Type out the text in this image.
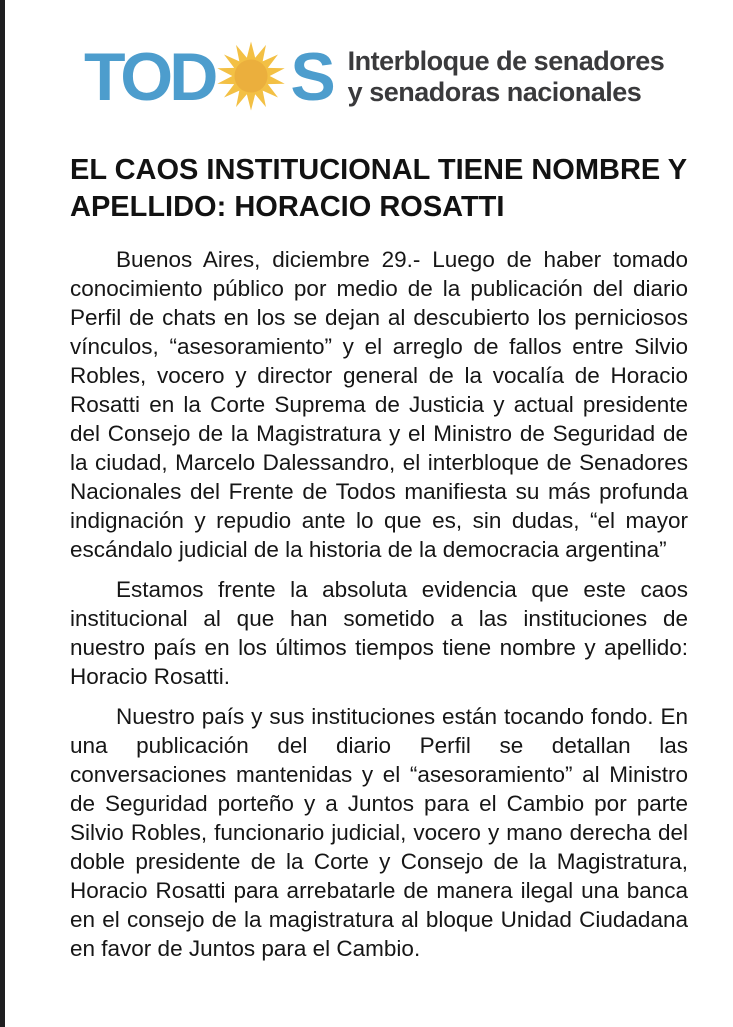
TOD S Interbloque de senadores
y senadoras nacionales
EL CAOS INSTITUCIONAL TIENE NOMBRE Y APELLIDO: HORACIO ROSATTI

Buenos Aires, diciembre 29.- Luego de haber tomado conocimiento público por medio de la publicación del diario Perfil de chats en los se dejan al descubierto los perniciosos vínculos, “asesoramiento” y el arreglo de fallos entre Silvio Robles, vocero y director general de la vocalía de Horacio Rosatti en la Corte Suprema de Justicia y actual presidente del Consejo de la Magistratura y el Ministro de Seguridad de la ciudad, Marcelo Dalessandro, el interbloque de Senadores Nacionales del Frente de Todos manifiesta su más profunda indignación y repudio ante lo que es, sin dudas, “el mayor escándalo judicial de la historia de la democracia argentina”

Estamos frente la absoluta evidencia que este caos institucional al que han sometido a las instituciones de nuestro país en los últimos tiempos tiene nombre y apellido: Horacio Rosatti.

Nuestro país y sus instituciones están tocando fondo. En una publicación del diario Perfil se detallan las conversaciones mantenidas y el “asesoramiento” al Ministro de Seguridad porteño y a Juntos para el Cambio por parte Silvio Robles, funcionario judicial, vocero y mano derecha del doble presidente de la Corte y Consejo de la Magistratura, Horacio Rosatti para arrebatarle de manera ilegal una banca en el consejo de la magistratura al bloque Unidad Ciudadana en favor de Juntos para el Cambio.
